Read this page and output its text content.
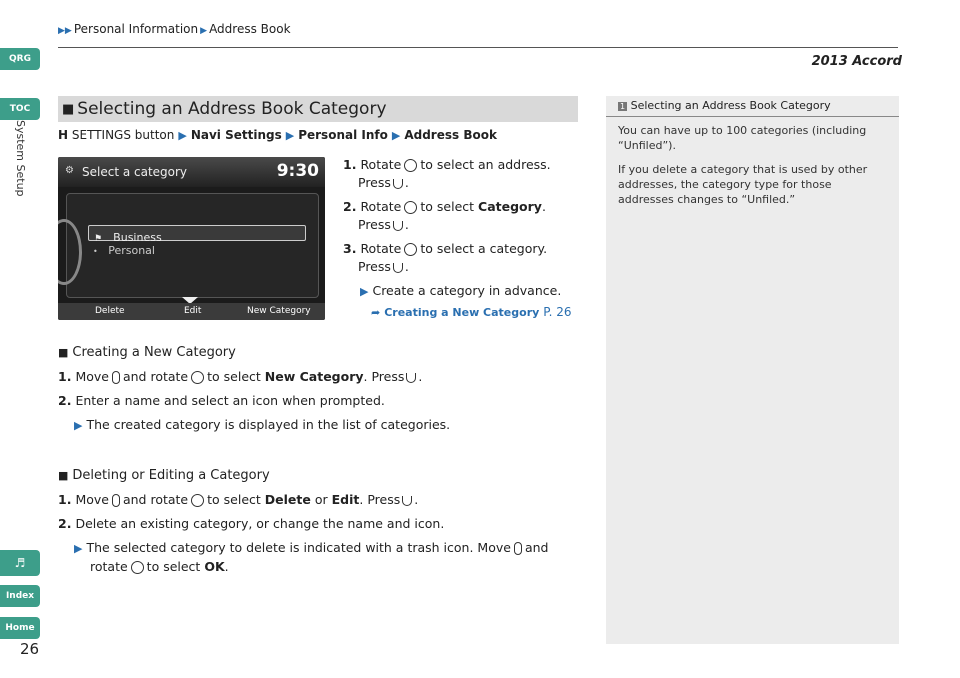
QRG
TOC
System Setup
♬
Index
Home
▶▶ Personal Information ▶ Address Book
2013 Accord
■ Selecting an Address Book Category
H SETTINGS button ▶ Navi Settings ▶ Personal Info ▶ Address Book
⚙ Select a category	9:30
⚑ Business
• Personal
Delete	Edit	New Category
1. Rotate to select an address.
Press .
2. Rotate to select Category.
Press .
3. Rotate to select a category.
Press .
▶ Create a category in advance.
➦ Creating a New Category P. 26
■ Creating a New Category
1. Move and rotate to select New Category. Press .
2. Enter a name and select an icon when prompted.
▶ The created category is displayed in the list of categories.
■ Deleting or Editing a Category
1. Move and rotate to select Delete or Edit. Press .
2. Delete an existing category, or change the name and icon.
▶ The selected category to delete is indicated with a trash icon. Move and
rotate to select OK.
1 Selecting an Address Book Category

You can have up to 100 categories (including “Unfiled”).

If you delete a category that is used by other addresses, the category type for those addresses changes to “Unfiled.”

26
